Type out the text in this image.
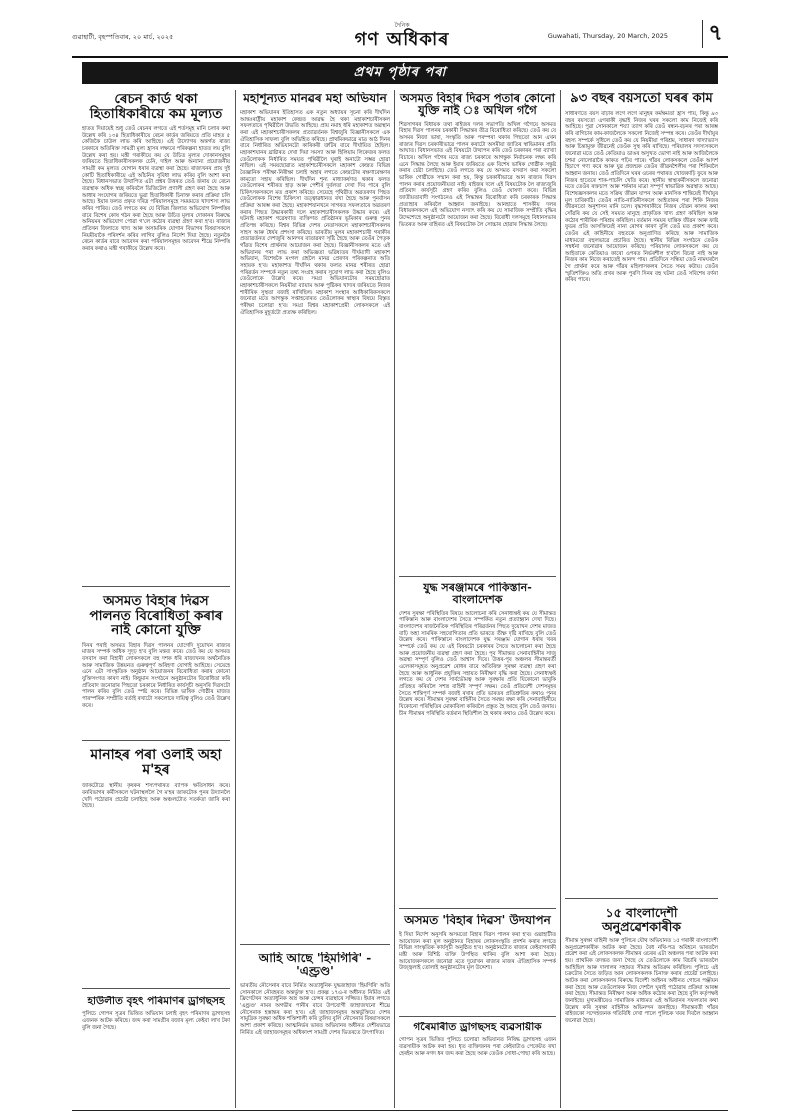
গুৱাহাটী, বৃহস্পতিবাৰ, ২০ মাৰ্চ, ২০২৫
দৈনিক
গণ অধিকাৰ	Guwahati, Thursday, 20 March, 2025 ৭
প্ৰথম পৃষ্ঠাৰ পৰা
ৰেচন কাৰ্ড থকা হিতাধিকাৰীয়ে কম মূল্যত
হাতত দিয়ায়েই শুধু তেওঁ ৰেচনৰ লগতে এই শৰ্তসমূহ মানি চলাৰ কথা উল্লেখ কৰি ১৩৪ হিতাধিকাৰীয়ে ৰেচন কাৰ্ডৰ জৰিয়তে প্ৰতি মাহত ৫ কেজিকৈ চাউল লাভ কৰি আহিছে। এই উদ্যোগৰ অন্তৰ্গত ৰাজ্য চৰকাৰে অতিৰিক্ত সামগ্ৰী মূল্য হ্ৰাসৰ লক্ষ্যৰে পৰিকল্পনা হাতত লয় বুলি উল্লেখ কৰা হয়। মন্ত্ৰী গৰাকীয়ে কয় যে উচিত মূল্যৰ দোকানসমূহৰ জৰিয়তে হিতাধিকাৰীসকলক চেনি, দাইল আৰু অন্যান্য প্ৰয়োজনীয় সামগ্ৰী কম মূল্যত যোগান ধৰাৰ ব্যৱস্থা কৰা হৈছে। ৰাজ্যখনৰ প্ৰায় দুই কোটি হিতাধিকাৰীয়ে এই আঁচনিৰ সুবিধা লাভ কৰিব বুলি আশা কৰা হৈছে। বিধানসভাত উত্থাপিত এটা প্ৰশ্নৰ উত্তৰত তেওঁ জনায় যে ৰেচন ব্যৱস্থাক অধিক স্বচ্ছ কৰিবলৈ ডিজিটেল প্ৰণালী গ্ৰহণ কৰা হৈছে আৰু আধাৰ সংযোগৰ জৰিয়তে ভুৱা হিতাধিকাৰী চিনাক্ত কৰাৰ প্ৰক্ৰিয়া চলি আছে। ইয়াৰ ফলত প্ৰকৃত দৰিদ্ৰ পৰিয়ালসমূহে সময়মতে খাদ্যশস্য লাভ কৰিব পাৰিব। তেওঁ লগতে কয় যে বিভিন্ন জিলাত অভিযোগ নিষ্পত্তিৰ বাবে বিশেষ কোষ গঠন কৰা হৈছে আৰু উচিত মূল্যৰ দোকানৰ বিৰুদ্ধে অনিয়মৰ অভিযোগ পোৱা গ'লে কঠোৰ ব্যৱস্থা গ্ৰহণ কৰা হ'ব। ৰাজ্যৰ প্ৰতিখন জিলাতে খাদ্য আৰু অসামৰিক যোগান বিভাগৰ বিষয়াসকলে নিয়মীয়াকৈ পৰিদৰ্শন কৰিব লাগিব বুলিও নিৰ্দেশ দিয়া হৈছে। নতুনকৈ ৰেচন কাৰ্ডৰ বাবে আবেদন কৰা পৰিয়ালসমূহৰ আবেদন শীঘ্ৰে নিষ্পত্তি কৰাৰ কথাও মন্ত্ৰী গৰাকীয়ে উল্লেখ কৰে।
অসমত বিহাৰ দিৱস পালনত বিৰোধিতা কৰাৰ নাই কোনো যুক্তি
দিনৰ পৰাই অসমত বিহাৰ দিৱস পালনৰ যোগেদি দুয়োখন ৰাজ্যৰ মাজৰ সম্পৰ্ক অধিক সুদৃঢ় হ'ব বুলি মন্তব্য কৰে। তেওঁ কয় যে অসমত বসবাস কৰা বিহাৰী লোকসকলে বহু দশক ধৰি ৰাজ্যখনৰ অৰ্থনৈতিক আৰু সামাজিক উন্নয়নত গুৰুত্বপূৰ্ণ অৰিহণা যোগাই আহিছে। সেয়েহে এনে এটা সাংস্কৃতিক অনুষ্ঠান আয়োজনৰ বিৰোধিতা কৰাৰ কোনো যুক্তিসংগত কাৰণ নাই। কিছুমান সংগঠনে অনুষ্ঠানটোৰ বিৰোধিতা কৰি প্ৰতিবাদ জনোৱাৰ পিছতো চৰকাৰে নিৰ্ধাৰিত কাৰ্যসূচী অনুসৰি দিৱসটো পালন কৰিব বুলি তেওঁ স্পষ্ট কৰে। বিভিন্ন ভাষিক গোষ্ঠীৰ মাজত পাৰস্পৰিক সম্প্ৰীতি বৰ্তাই ৰখাটো সকলোৰে দায়িত্ব বুলিও তেওঁ উল্লেখ কৰে।
মানাহৰ পৰা ওলাই অহা ম'হৰ
জাকটোৱে স্থানীয় কৃষকৰ শস্যপথাৰত ব্যাপক ক্ষতিসাধন কৰে। বনবিভাগৰ কৰ্মীসকলে ঘটনাস্থললৈ গৈ ম'হৰ জাকটোক পুনৰ উদ্যানলৈ খেদি পঠোৱাৰ প্ৰচেষ্টা চলাইছে আৰু অঞ্চলটোত সতৰ্কতা জাৰি কৰা হৈছে।
হাউলীত বৃহৎ পৰিমাণৰ ড্ৰাগছসহ
পুলিচে গোপন সূত্ৰৰ ভিত্তিত অভিযান চলাই বৃহৎ পৰিমাণৰ ড্ৰাগছসহ এজনক আটক কৰিছে। জব্দ কৰা সামগ্ৰীৰ বজাৰ মূল্য কেইবা লাখ টকা বুলি জনা গৈছে।
মহাশূন্যত মানৱৰ মহা অভিযান
মহাকাশ অভিযানৰ ইতিহাসত এক নতুন অধ্যায়ৰ সূচনা কৰি দীৰ্ঘদিন আন্তঃৰাষ্ট্ৰীয় মহাকাশ কেন্দ্ৰত আৱদ্ধ হৈ থকা মহাকাশচাৰীসকল সফলতাৰে পৃথিৱীলৈ উভতি আহিছে। প্ৰায় নমাহ ধৰি মহাকাশত অৱস্থান কৰা এই মহাকাশচাৰীসকলৰ প্ৰত্যাৱৰ্তনক বিশ্বজুৰি বিজ্ঞানীসকলে এক ঐতিহাসিক সাফল্য বুলি অভিহিত কৰিছে। প্ৰাথমিকভাৱে মাত্ৰ আঠ দিনৰ বাবে নিৰ্ধাৰিত অভিযানটো কাৰিকৰী ত্ৰুটিৰ বাবে দীৰ্ঘায়িত হৈছিল। মহাকাশযানৰ থ্ৰাষ্টাৰত দেখা দিয়া সমস্যা আৰু হিলিয়াম লিকেজৰ ফলত তেওঁলোকক নিৰ্ধাৰিত সময়ত পৃথিৱীলৈ ঘূৰাই অনাটো সম্ভৱ হোৱা নাছিল। এই সময়ছোৱাত মহাকাশচাৰীসকলে মহাকাশ কেন্দ্ৰত বিভিন্ন বৈজ্ঞানিক পৰীক্ষা-নিৰীক্ষা চলাই অহাৰ লগতে কেন্দ্ৰটোৰ ৰক্ষণাবেক্ষণৰ কামতো সহায় কৰিছিল। দীৰ্ঘদিন শূন্য মাধ্যাকৰ্ষণত থকাৰ ফলত তেওঁলোকৰ শৰীৰত হাড় আৰু পেশীৰ দুৰ্বলতা দেখা দিব পাৰে বুলি চিকিৎসকসকলে মত প্ৰকাশ কৰিছে। সেয়েহে পৃথিৱীত অৱতৰণৰ পিছত তেওঁলোকক বিশেষ চিকিৎসা তত্ত্বাৱধানত ৰখা হৈছে আৰু পুনৰ্বাসন প্ৰক্ৰিয়া আৰম্ভ কৰা হৈছে। মহাকাশযানখনে সাগৰত সফলতাৰে অৱতৰণ কৰাৰ পিছত উদ্ধাৰকাৰী দলে মহাকাশচাৰীসকলক উদ্ধাৰ কৰে। এই ঘটনাই মহাকাশ গৱেষণাত ব্যক্তিগত প্ৰতিষ্ঠানৰ ভূমিকাৰ গুৰুত্ব পুনৰ প্ৰতিপন্ন কৰিছে। বিশ্বৰ বিভিন্ন দেশৰ নেতাসকলে মহাকাশচাৰীসকলৰ সাহস আৰু ধৈৰ্যৰ প্ৰশংসা কৰিছে। ভাৰতীয় মূলৰ মহাকাশচাৰী গৰাকীৰ প্ৰত্যাৱৰ্তনত দেশজুৰি আনন্দৰ বাতাৱৰণ সৃষ্টি হৈছে আৰু তেওঁৰ পৈতৃক গাঁৱত বিশেষ প্ৰাৰ্থনাৰ আয়োজন কৰা হৈছে। বিজ্ঞানীসকলৰ মতে এই অভিযানৰ পৰা লাভ কৰা অভিজ্ঞতা ভৱিষ্যতৰ দীৰ্ঘম্যাদী মহাকাশ অভিযান, বিশেষকৈ মংগল গ্ৰহলৈ মানৱ প্ৰেৰণৰ পৰিকল্পনাত অতি সহায়ক হ'ব। মহাকাশত দীৰ্ঘদিন থকাৰ ফলত মানৱ শৰীৰত হোৱা পৰিৱৰ্তন সম্পৰ্কে নতুন তথ্য সংগ্ৰহ কৰাৰ সুযোগ লাভ কৰা হৈছে বুলিও তেওঁলোকে উল্লেখ কৰে। সমগ্ৰ অভিযানটোৰ সময়ছোৱাত মহাকাশচাৰীসকলে নিয়মীয়া ব্যায়াম আৰু পুষ্টিকৰ খাদ্যৰ জৰিয়তে নিজৰ শাৰীৰিক সুস্থতা বজাই ৰাখিছিল। মহাকাশ সংস্থাৰ আধিকাৰিকসকলে জনোৱা মতে আগন্তুক সপ্তাহবোৰত তেওঁলোকৰ স্বাস্থ্যৰ বিষয়ে বিস্তৃত পৰীক্ষা চলোৱা হ'ব। সমগ্ৰ বিশ্বৰ মহাকাশপ্ৰেমী লোকসকলে এই ঐতিহাসিক মুহূৰ্তটো প্ৰত্যক্ষ কৰিছিল।
আহি আছে 'হিমগিৰি' - 'এণ্ড্ৰণ্ড'
ভাৰতীয় নৌসেনাৰ বাবে নিৰ্মিত অত্যাধুনিক যুদ্ধজাহাজ 'হিমগিৰি' অতি সোনকালে নৌবহৰত অন্তৰ্ভুক্ত হ'ব। প্ৰকল্প ১৭এ-ৰ অধীনত নিৰ্মিত এই ফ্ৰিগেটখন অত্যাধুনিক অস্ত্ৰ আৰু চেন্সৰ ব্যৱস্থাৰে সজ্জিত। ইয়াৰ লগতে 'এণ্ড্ৰণ্ড' নামৰ অগভীৰ পানীৰ বাবে উপযোগী জাহাজখনো শীঘ্ৰে নৌসেনাক হস্তান্তৰ কৰা হ'ব। এই জাহাজসমূহৰ অন্তৰ্ভুক্তিয়ে দেশৰ সামুদ্ৰিক সুৰক্ষা অধিক শক্তিশালী কৰি তুলিব বুলি নৌসেনাৰ বিষয়াসকলে আশা প্ৰকাশ কৰিছে। আত্মনিৰ্ভৰ ভাৰত অভিযানৰ অধীনত দেশীয়ভাৱে নিৰ্মিত এই জাহাজসমূহৰ অধিকাংশ সামগ্ৰী দেশৰ ভিতৰতে উৎপাদিত।
অসমত বিহাৰ দিৱস পতাৰ কোনো যুক্তি নাই ঃ অখিল গগৈ
শিৱসাগৰৰ বিধায়ক তথা ৰাইজৰ দলৰ সভাপতি অখিল গগৈয়ে অসমত বিহাৰ দিৱস পালনৰ চৰকাৰী সিদ্ধান্তৰ তীব্ৰ বিৰোধিতা কৰিছে। তেওঁ কয় যে অসমৰ নিজা ভাষা, সংস্কৃতি আৰু পৰম্পৰা থকাৰ পিছতো আন এখন ৰাজ্যৰ দিৱস চৰকাৰীভাৱে পালন কৰাটো অসমীয়া জাতিৰ স্বাভিমানৰ প্ৰতি আঘাত। বিধানসভাত এই বিষয়টো উত্থাপন কৰি তেওঁ চৰকাৰৰ পৰা ব্যাখ্যা বিচাৰে। অখিল গগৈৰ মতে ৰাজ্য চৰকাৰে আগন্তুক নিৰ্বাচনক লক্ষ্য কৰি এনে সিদ্ধান্ত লৈছে আৰু ইয়াৰ জৰিয়তে এক বিশেষ ভাষিক গোষ্ঠীক সন্তুষ্ট কৰাৰ চেষ্টা চলাইছে। তেওঁ লগতে কয় যে অসমত বসবাস কৰা সকলো ভাষিক গোষ্ঠীকে সন্মান কৰা হয়, কিন্তু চৰকাৰীভাৱে আন ৰাজ্যৰ দিৱস পালন কৰাৰ প্ৰয়োজনীয়তা নাই। ৰাইজৰ দলে এই বিষয়টোক লৈ ৰাজ্যজুৰি প্ৰতিবাদ কাৰ্যসূচী গ্ৰহণ কৰিব বুলিও তেওঁ ঘোষণা কৰে। বিভিন্ন জাতীয়তাবাদী সংগঠনেও এই সিদ্ধান্তৰ বিৰোধিতা কৰি চৰকাৰক সিদ্ধান্ত প্ৰত্যাহাৰ কৰিবলৈ আহ্বান জনাইছে। আনহাতে শাসকীয় দলৰ বিধায়কসকলে এই অভিযোগ নস্যাৎ কৰি কয় যে সামাজিক সম্প্ৰীতি বৃদ্ধিৰ উদ্দেশ্যেহে অনুষ্ঠানটো আয়োজন কৰা হৈছে। বিৰোধী দলসমূহে বিধানসভাৰ ভিতৰত আৰু বাহিৰত এই বিষয়টোক লৈ সোচ্চাৰ হোৱাৰ সিদ্ধান্ত লৈছে।
যুদ্ধ সৰঞ্জামৰে পাকিস্তান-বাংলাদেশক
দেশৰ সুৰক্ষা পৰিস্থিতিৰ বিষয়ে আলোচনা কৰি সেনাধ্যক্ষই কয় যে সীমান্তত পাকিস্তান আৰু বাংলাদেশৰ সৈতে সম্পৰ্কিত নতুন প্ৰত্যাহ্বান দেখা দিছে। বাংলাদেশৰ ৰাজনৈতিক পৰিস্থিতিৰ পৰিৱৰ্তনৰ পিছত দুয়োখন দেশৰ মাজত বাঢ়ি অহা সামৰিক সহযোগিতাৰ প্ৰতি ভাৰতে তীক্ষ্ণ দৃষ্টি ৰাখিছে বুলি তেওঁ উল্লেখ কৰে। পাকিস্তানে বাংলাদেশক যুদ্ধ সৰঞ্জাম যোগান ধৰাৰ খবৰ সম্পৰ্কে তেওঁ কয় যে এই বিষয়টো চৰকাৰৰ সৈতে আলোচনা কৰা হৈছে আৰু প্ৰয়োজনীয় ব্যৱস্থা গ্ৰহণ কৰা হৈছে। পূব সীমান্তত সেনাবাহিনীৰ সাজু অৱস্থা সম্পূৰ্ণ বুলিও তেওঁ আশ্বাস দিয়ে। উত্তৰ-পূব অঞ্চলৰ সীমান্তবৰ্তী এলেকাসমূহত অনুপ্ৰৱেশ ৰোধৰ বাবে অতিৰিক্ত সুৰক্ষা ব্যৱস্থা গ্ৰহণ কৰা হৈছে আৰু আধুনিক প্ৰযুক্তিৰ সহায়ত নিৰীক্ষণ বৃদ্ধি কৰা হৈছে। সেনাধ্যক্ষই লগতে কয় যে দেশৰ সাৰ্বভৌমত্ব আৰু সুৰক্ষাৰ প্ৰতি যিকোনো ভাবুকি প্ৰতিহত কৰিবলৈ সশস্ত্ৰ বাহিনী সম্পূৰ্ণ সক্ষম। তেওঁ প্ৰতিবেশী দেশসমূহৰ সৈতে শান্তিপূৰ্ণ সম্পৰ্ক বজাই ৰখাৰ প্ৰতি ভাৰতৰ প্ৰতিশ্ৰুতিৰ কথাও পুনৰ উল্লেখ কৰে। সীমান্তৰ সুৰক্ষা বাহিনীৰ সৈতে সমন্বয় ৰক্ষা কৰি সেনাবাহিনীয়ে যিকোনো পৰিস্থিতিৰ মোকাবিলা কৰিবলৈ প্ৰস্তুত হৈ আছে বুলি তেওঁ জনায়। চীন সীমান্তৰ পৰিস্থিতি বৰ্তমান স্থিতিশীল হৈ থকাৰ কথাও তেওঁ উল্লেখ কৰে।
অসমত 'বিহাৰ দিৱস' উদযাপন
ই দিয়া নিৰ্দেশ অনুসৰি অসমতো বিহাৰ দিৱস পালন কৰা হ'ব। গুৱাহাটীত আয়োজন কৰা মূল অনুষ্ঠানত বিহাৰৰ লোকসংস্কৃতি প্ৰদৰ্শন কৰাৰ লগতে বিভিন্ন সাংস্কৃতিক কাৰ্যসূচী অনুষ্ঠিত হ'ব। অনুষ্ঠানটোত ৰাজ্যৰ কেইবাগৰাকী মন্ত্ৰী আৰু বিশিষ্ট ব্যক্তি উপস্থিত থাকিব বুলি আশা কৰা হৈছে। আয়োজকসকলে জনোৱা মতে দুয়োখন ৰাজ্যৰ মাজৰ ঐতিহাসিক সম্পৰ্ক উজ্জ্বলাই তোলাই অনুষ্ঠানটোৰ মূল উদ্দেশ্য।
গৰৈমাৰীত ড্ৰাগছসহ ব্যৱসায়ীক
গোপন সূত্ৰৰ ভিত্তিত পুলিচে চলোৱা অভিযানত নিষিদ্ধ ড্ৰাগছসহ এজন ব্যৱসায়ীক আটক কৰা হয়। ধৃত ব্যক্তিজনৰ পৰা কেইবাটাও পেকেটত ৰখা হেৰইন আৰু নগদ ধন জব্দ কৰা হৈছে আৰু তেওঁক সোধা-পোছা কৰি আছে।
৯৩ বছৰ বয়সতো ঘৰৰ কাম
সাধাৰণতে বয়স বাঢ়াৰ লগে লগে মানুহৰ কৰ্মক্ষমতা হ্ৰাস পায়, কিন্তু ৯৩ বছৰ বয়সতো এগৰাকী বৃদ্ধাই নিজৰ ঘৰৰ সকলো কাম নিজেই কৰি আহিছে। পুৱা সোনকালে শয্যা ত্যাগ কৰি তেওঁ ৰন্ধন-বঢ়নৰ পৰা আৰম্ভ কৰি বাগিচাৰ কাম-কাজলৈকে সকলো নিজেই সম্পন্ন কৰে। তেওঁৰ দীৰ্ঘায়ুৰ ৰহস্য সম্পৰ্কে সুধিলে তেওঁ কয় যে নিয়মীয়া পৰিশ্ৰম, সাধাৰণ খাদ্যাভ্যাস আৰু চিন্তামুক্ত জীৱনেই তেওঁক সুস্থ কৰি ৰাখিছে। পৰিয়ালৰ সদস্যসকলে জনোৱা মতে তেওঁ কেতিয়াও ডাঙৰ অসুখত ভোগা নাই আৰু আজিলৈকে চশমা নোলোৱাকৈ কাকত পঢ়িব পাৰে। গাঁৱৰ লোকসকলে তেওঁক আদৰ্শ হিচাপে গণ্য কৰে আৰু যুৱ প্ৰজন্মক তেওঁৰ জীৱনশৈলীৰ পৰা শিকিবলৈ আহ্বান জনায়। তেওঁ প্ৰতিদিনে ঘৰৰ ওচৰৰ পথাৰত খোজকাঢ়ি ফুৰে আৰু নিজৰ হাতেৰে শাক-পাচলি খেতি কৰে। স্থানীয় স্বাস্থ্যকৰ্মীসকলে জনোৱা মতে তেওঁৰ ৰক্তচাপ আৰু শৰ্কৰাৰ মাত্ৰা সম্পূৰ্ণ স্বাভাৱিক অৱস্থাত আছে। বিশেষজ্ঞসকলৰ মতে সক্ৰিয় জীৱন যাপন আৰু মানসিক শান্তিয়েই দীৰ্ঘায়ুৰ মূল চাবিকাঠি। তেওঁৰ নাতি-নাতিনীসকলে আইতাকৰ পৰা শিকি নিজৰ জীৱনতো অনুশাসন মানি চলে। বৃদ্ধাগৰাকীয়ে নিজৰ যৌৱন কালৰ কথা সোঁৱৰি কয় যে সেই সময়ত মানুহে প্ৰাকৃতিক খাদ্য গ্ৰহণ কৰিছিল আৰু কঠোৰ শাৰীৰিক পৰিশ্ৰম কৰিছিল। বৰ্তমান সময়ৰ যান্ত্ৰিক জীৱন আৰু ফাষ্ট ফুডৰ প্ৰতি আসক্তিয়েই নানা ৰোগৰ কাৰণ বুলি তেওঁ মত প্ৰকাশ কৰে। তেওঁৰ এই কাহিনীয়ে বহুতকে অনুপ্ৰাণিত কৰিছে আৰু সামাজিক মাধ্যমতো বহুলভাৱে প্ৰচাৰিত হৈছে। স্থানীয় বিভিন্ন সংগঠনে তেওঁক সম্বৰ্ধনা জনোৱাৰ আয়োজন কৰিছে। পৰিয়ালৰ লোকসকলে কয় যে আইতাকে কেতিয়াও কাৰো ওপৰত নিৰ্ভৰশীল হ'বলৈ বিচৰা নাই আৰু নিজৰ কাম নিজে কৰাতেই আনন্দ পায়। প্ৰতিদিনে সন্ধিয়া তেওঁ নামঘৰলৈ গৈ প্ৰাৰ্থনা কৰে আৰু গাঁৱৰ মহিলাসকলৰ সৈতে সময় কটায়। তেওঁৰ স্মৃতিশক্তিও অতি প্ৰখৰ আৰু পুৰণি দিনৰ বহু ঘটনা তেওঁ সবিশেষ বৰ্ণনা কৰিব পাৰে।
১৫ বাংলাদেশী অনুপ্ৰৱেশকাৰীক
সীমান্ত সুৰক্ষা বাহিনী আৰু পুলিচৰ যৌথ অভিযানত ১৫ গৰাকী বাংলাদেশী অনুপ্ৰৱেশকাৰীক আটক কৰা হৈছে। বৈধ নথি-পত্ৰ অবিহনে ভাৰতলৈ প্ৰৱেশ কৰা এই লোকসকলক সীমান্তৰ ওচৰৰ এটা অঞ্চলৰ পৰা আটক কৰা হয়। প্ৰাথমিক তদন্তত জনা গৈছে যে তেওঁলোকে কাম বিচাৰি ভাৰতলৈ আহিছিল আৰু দালালৰ সহায়ত সীমান্ত অতিক্ৰম কৰিছিল। পুলিচে এই চক্ৰটোৰ সৈতে জড়িত আন লোকসকলক চিনাক্ত কৰাৰ প্ৰচেষ্টা চলাইছে। আটক কৰা লোকসকলৰ বিৰুদ্ধে বিদেশী আইনৰ অধীনত গোচৰ পঞ্জীয়ন কৰা হৈছে আৰু তেওঁলোকক নিজ দেশলৈ ঘূৰাই পঠোৱাৰ প্ৰক্ৰিয়া আৰম্ভ কৰা হৈছে। সীমান্তত নিৰীক্ষণ আৰু অধিক কঠোৰ কৰা হৈছে বুলি কৰ্তৃপক্ষই জনাইছে। মুখ্যমন্ত্ৰীয়েও সামাজিক মাধ্যমত এই অভিযানৰ সফলতাৰ কথা উল্লেখ কৰি সুৰক্ষা বাহিনীক অভিনন্দন জনাইছে। সীমান্তবৰ্তী গাঁৱৰ ৰাইজকো সন্দেহজনক গতিবিধি দেখা পালে পুলিচক খবৰ দিবলৈ আহ্বান জনোৱা হৈছে।
